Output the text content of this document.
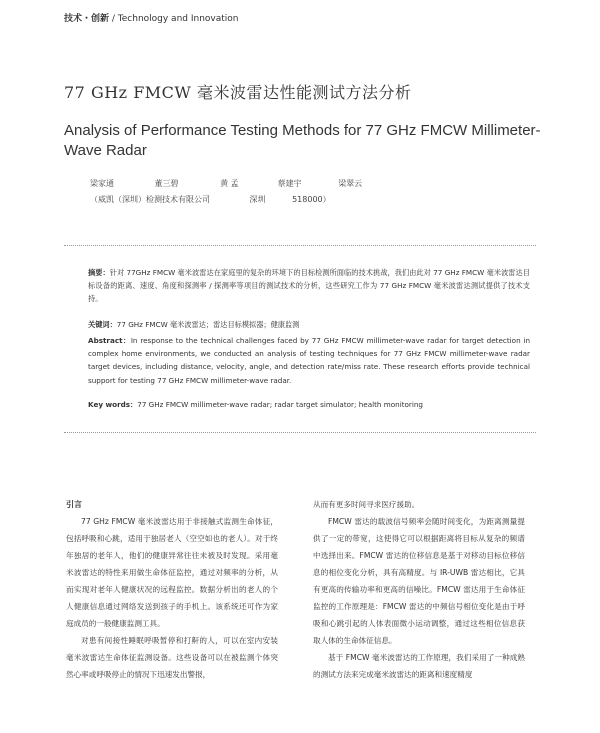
技术・创新 / Technology and Innovation
77 GHz FMCW 毫米波雷达性能测试方法分析
Analysis of Performance Testing Methods for 77 GHz FMCW Millimeter-Wave Radar
梁家通	董三碧	黄 孟	蔡建宇	梁翠云
（威凯（深圳）检测技术有限公司	深圳	518000）
摘要：针对 77GHz FMCW 毫米波雷达在家庭里的复杂的环境下的目标检测所面临的技术挑战，我们由此对 77 GHz FMCW 毫米波雷达目标设备的距离、速度、角度和探测率 / 探测率等项目的测试技术的分析，这些研究工作为 77 GHz FMCW 毫米波雷达测试提供了技术支持。
关键词：77 GHz FMCW 毫米波雷达；雷达目标模拟器；健康监测
Abstract：In response to the technical challenges faced by 77 GHz FMCW millimeter-wave radar for target detection in complex home environments, we conducted an analysis of testing techniques for 77 GHz FMCW millimeter-wave radar target devices, including distance, velocity, angle, and detection rate/miss rate. These research efforts provide technical support for testing 77 GHz FMCW millimeter-wave radar.
Key words：77 GHz FMCW millimeter-wave radar; radar target simulator; health monitoring

引言

77 GHz FMCW 毫米波雷达用于非接触式监测生命体征，包括呼吸和心跳，适用于独居老人（空空如也的老人）。对于终年独居的老年人，他们的健康异常往往未被及时发现。采用毫米波雷达的特性来用做生命体征监控，通过对频率的分析，从而实现对老年人健康状况的远程监控。数据分析出的老人的个人健康信息通过网络发送到孩子的手机上。该系统还可作为家庭成员的一般健康监测工具。

对患有间接性睡眠呼吸暂停和打鼾的人，可以在室内安装毫米波雷达生命体征监测设备。这些设备可以在被监测个体突然心率或呼吸停止的情况下迅速发出警报，

从而有更多时间寻求医疗援助。

FMCW 雷达的载波信号频率会随时间变化，为距离测量提供了一定的带宽，这使得它可以根据距离将目标从复杂的频谱中选择出来。FMCW 雷达的位移信息是基于对移动目标位移信息的相位变化分析，具有高精度。与 IR-UWB 雷达相比，它具有更高的传输功率和更高的信噪比。FMCW 雷达用于生命体征监控的工作原理是：FMCW 雷达的中频信号相位变化是由于呼吸和心跳引起的人体表面微小运动调整，通过这些相位信息获取人体的生命体征信息。

基于 FMCW 毫米波雷达的工作原理，我们采用了一种成熟的测试方法来完成毫米波雷达的距离和速度精度
